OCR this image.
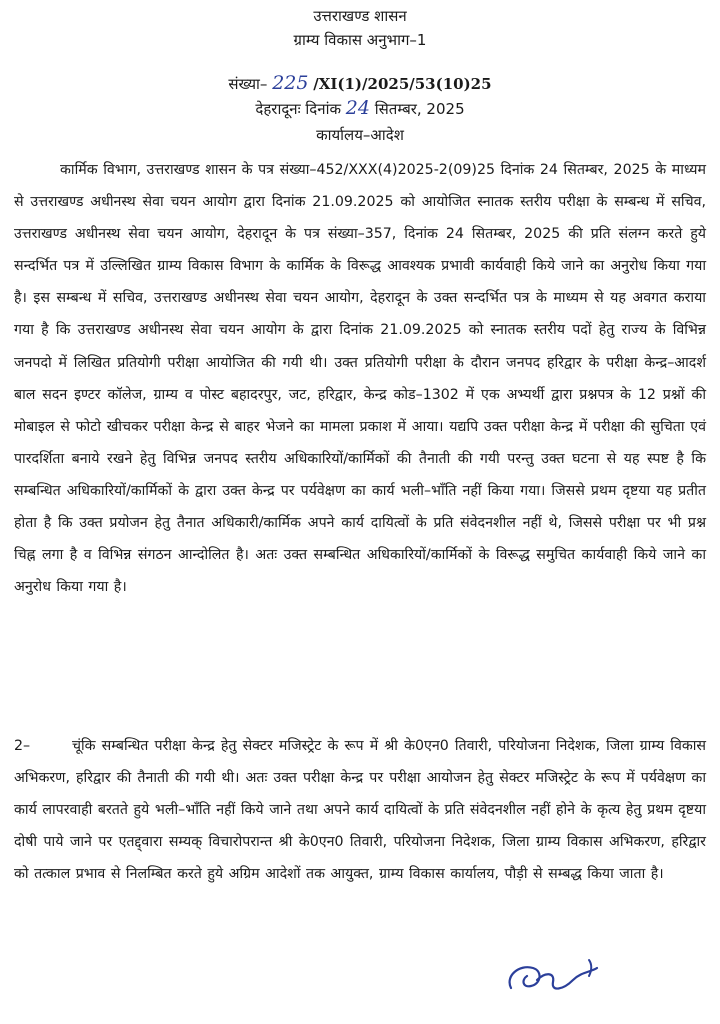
उत्तराखण्ड शासन
ग्राम्य विकास अनुभाग–1
संख्या– 225 /XI(1)/2025/53(10)25
देहरादूनः दिनांक 24 सितम्बर, 2025
कार्यालय–आदेश
कार्मिक विभाग, उत्तराखण्ड शासन के पत्र संख्या–452/XXX(4)2025-2(09)25 दिनांक 24 सितम्बर, 2025 के माध्यम से उत्तराखण्ड अधीनस्थ सेवा चयन आयोग द्वारा दिनांक 21.09.2025 को आयोजित स्नातक स्तरीय परीक्षा के सम्बन्ध में सचिव, उत्तराखण्ड अधीनस्थ सेवा चयन आयोग, देहरादून के पत्र संख्या–357, दिनांक 24 सितम्बर, 2025 की प्रति संलग्न करते हुये सन्दर्भित पत्र में उल्लिखित ग्राम्य विकास विभाग के कार्मिक के विरूद्ध आवश्यक प्रभावी कार्यवाही किये जाने का अनुरोध किया गया है। इस सम्बन्ध में सचिव, उत्तराखण्ड अधीनस्थ सेवा चयन आयोग, देहरादून के उक्त सन्दर्भित पत्र के माध्यम से यह अवगत कराया गया है कि उत्तराखण्ड अधीनस्थ सेवा चयन आयोग के द्वारा दिनांक 21.09.2025 को स्नातक स्तरीय पदों हेतु राज्य के विभिन्न जनपदो में लिखित प्रतियोगी परीक्षा आयोजित की गयी थी। उक्त प्रतियोगी परीक्षा के दौरान जनपद हरिद्वार के परीक्षा केन्द्र–आदर्श बाल सदन इण्टर कॉलेज, ग्राम्य व पोस्ट बहादरपुर, जट, हरिद्वार, केन्द्र कोड–1302 में एक अभ्यर्थी द्वारा प्रश्नपत्र के 12 प्रश्नों की मोबाइल से फोटो खीचकर परीक्षा केन्द्र से बाहर भेजने का मामला प्रकाश में आया। यद्यपि उक्त परीक्षा केन्द्र में परीक्षा की सुचिता एवं पारदर्शिता बनाये रखने हेतु विभिन्न जनपद स्तरीय अधिकारियों/कार्मिकों की तैनाती की गयी परन्तु उक्त घटना से यह स्पष्ट है कि सम्बन्धित अधिकारियों/कार्मिकों के द्वारा उक्त केन्द्र पर पर्यवेक्षण का कार्य भली–भाँति नहीं किया गया। जिससे प्रथम दृष्टया यह प्रतीत होता है कि उक्त प्रयोजन हेतु तैनात अधिकारी/कार्मिक अपने कार्य दायित्वों के प्रति संवेदनशील नहीं थे, जिससे परीक्षा पर भी प्रश्न चिह्न लगा है व विभिन्न संगठन आन्दोलित है। अतः उक्त सम्बन्धित अधिकारियों/कार्मिकों के विरूद्ध समुचित कार्यवाही किये जाने का अनुरोध किया गया है।
2–	चूंकि सम्बन्धित परीक्षा केन्द्र हेतु सेक्टर मजिस्ट्रेट के रूप में श्री के0एन0 तिवारी, परियोजना निदेशक, जिला ग्राम्य विकास अभिकरण, हरिद्वार की तैनाती की गयी थी। अतः उक्त परीक्षा केन्द्र पर परीक्षा आयोजन हेतु सेक्टर मजिस्ट्रेट के रूप में पर्यवेक्षण का कार्य लापरवाही बरतते हुये भली–भाँति नहीं किये जाने तथा अपने कार्य दायित्वों के प्रति संवेदनशील नहीं होने के कृत्य हेतु प्रथम दृष्टया दोषी पाये जाने पर एतद्द्वारा सम्यक् विचारोपरान्त श्री के0एन0 तिवारी, परियोजना निदेशक, जिला ग्राम्य विकास अभिकरण, हरिद्वार को तत्काल प्रभाव से निलम्बित करते हुये अग्रिम आदेशों तक आयुक्त, ग्राम्य विकास कार्यालय, पौड़ी से सम्बद्ध किया जाता है।
